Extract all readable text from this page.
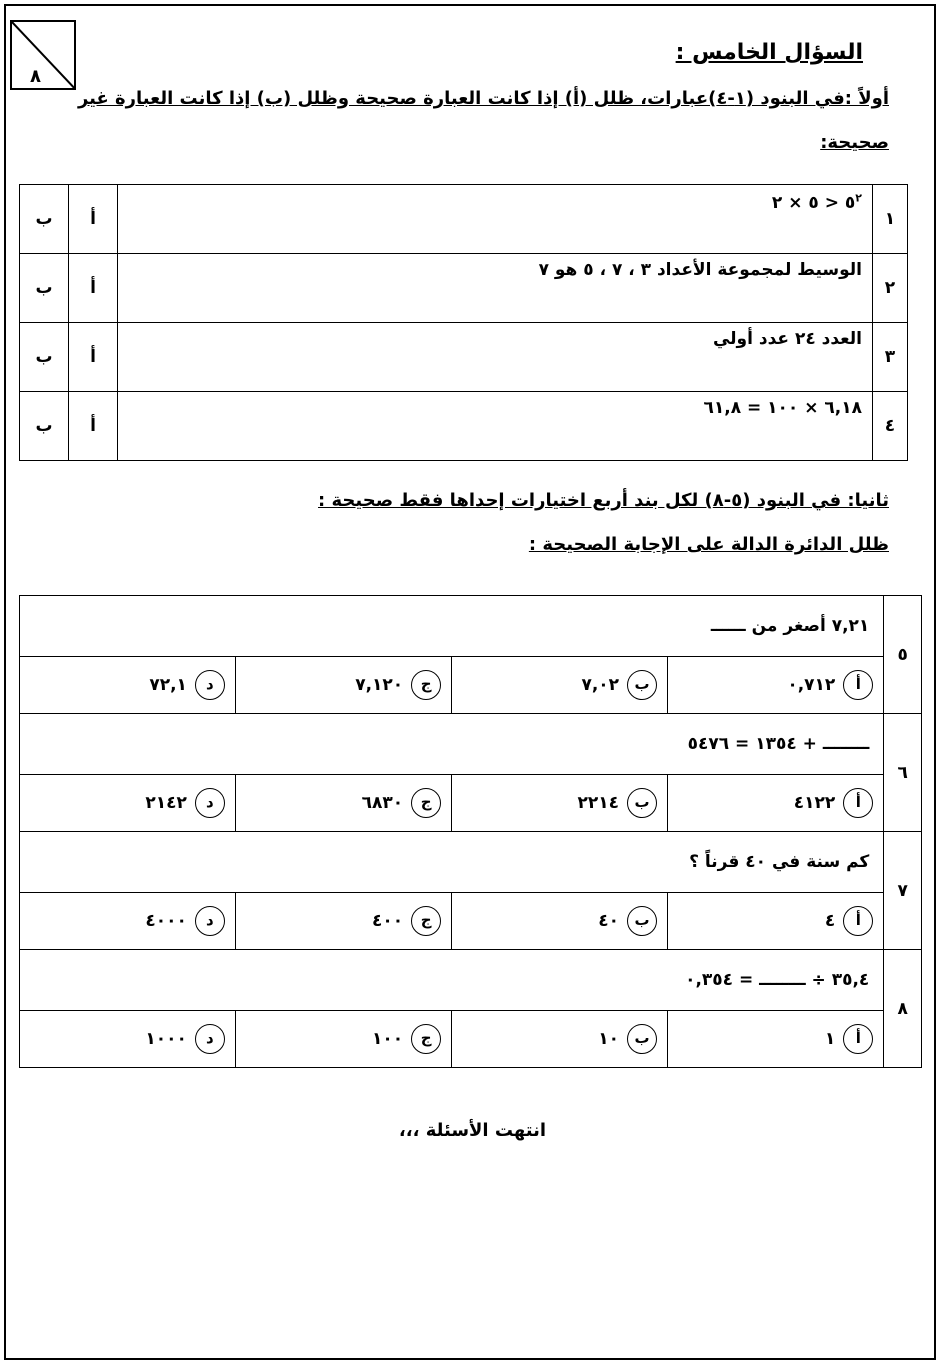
٨
السؤال الخامس :
أولاً :في البنود (١-٤)عبارات، ظلل (أ) إذا كانت العبارة صحيحة وظلل (ب) إذا كانت العبارة غير
صحيحة:
ب	أ	$٥^٢$ < ٥ × ٢	١
ب	أ	الوسيط لمجموعة الأعداد ٣ ، ٧ ، ٥ هو ٧	٢
ب	أ	العدد ٢٤ عدد أولي	٣
ب	أ	٦,١٨ × ١٠٠ = ٦١,٨	٤
ثانيا: في البنود (٥-٨) لكل بند أربع اختيارات إحداها فقط صحيحة :
ظلل الدائرة الدالة على الإجابة الصحيحة :
٧,٢١ أصغر من ــــــ				٥
د٧٢,١	ج٧,١٢٠	ب٧,٠٢	أ٠,٧١٢	
ــــــــ + ١٣٥٤ = ٥٤٧٦				٦
د٢١٤٢	ج٦٨٣٠	ب٢٢١٤	أ٤١٢٢	
كم سنة في ٤٠ قرناً ؟				٧
د٤٠٠٠	ج٤٠٠	ب٤٠	أ٤	
٣٥,٤ ÷ ــــــــ = ٠,٣٥٤				٨
د١٠٠٠	ج١٠٠	ب١٠	أ١	
انتهت الأسئلة ،،،
